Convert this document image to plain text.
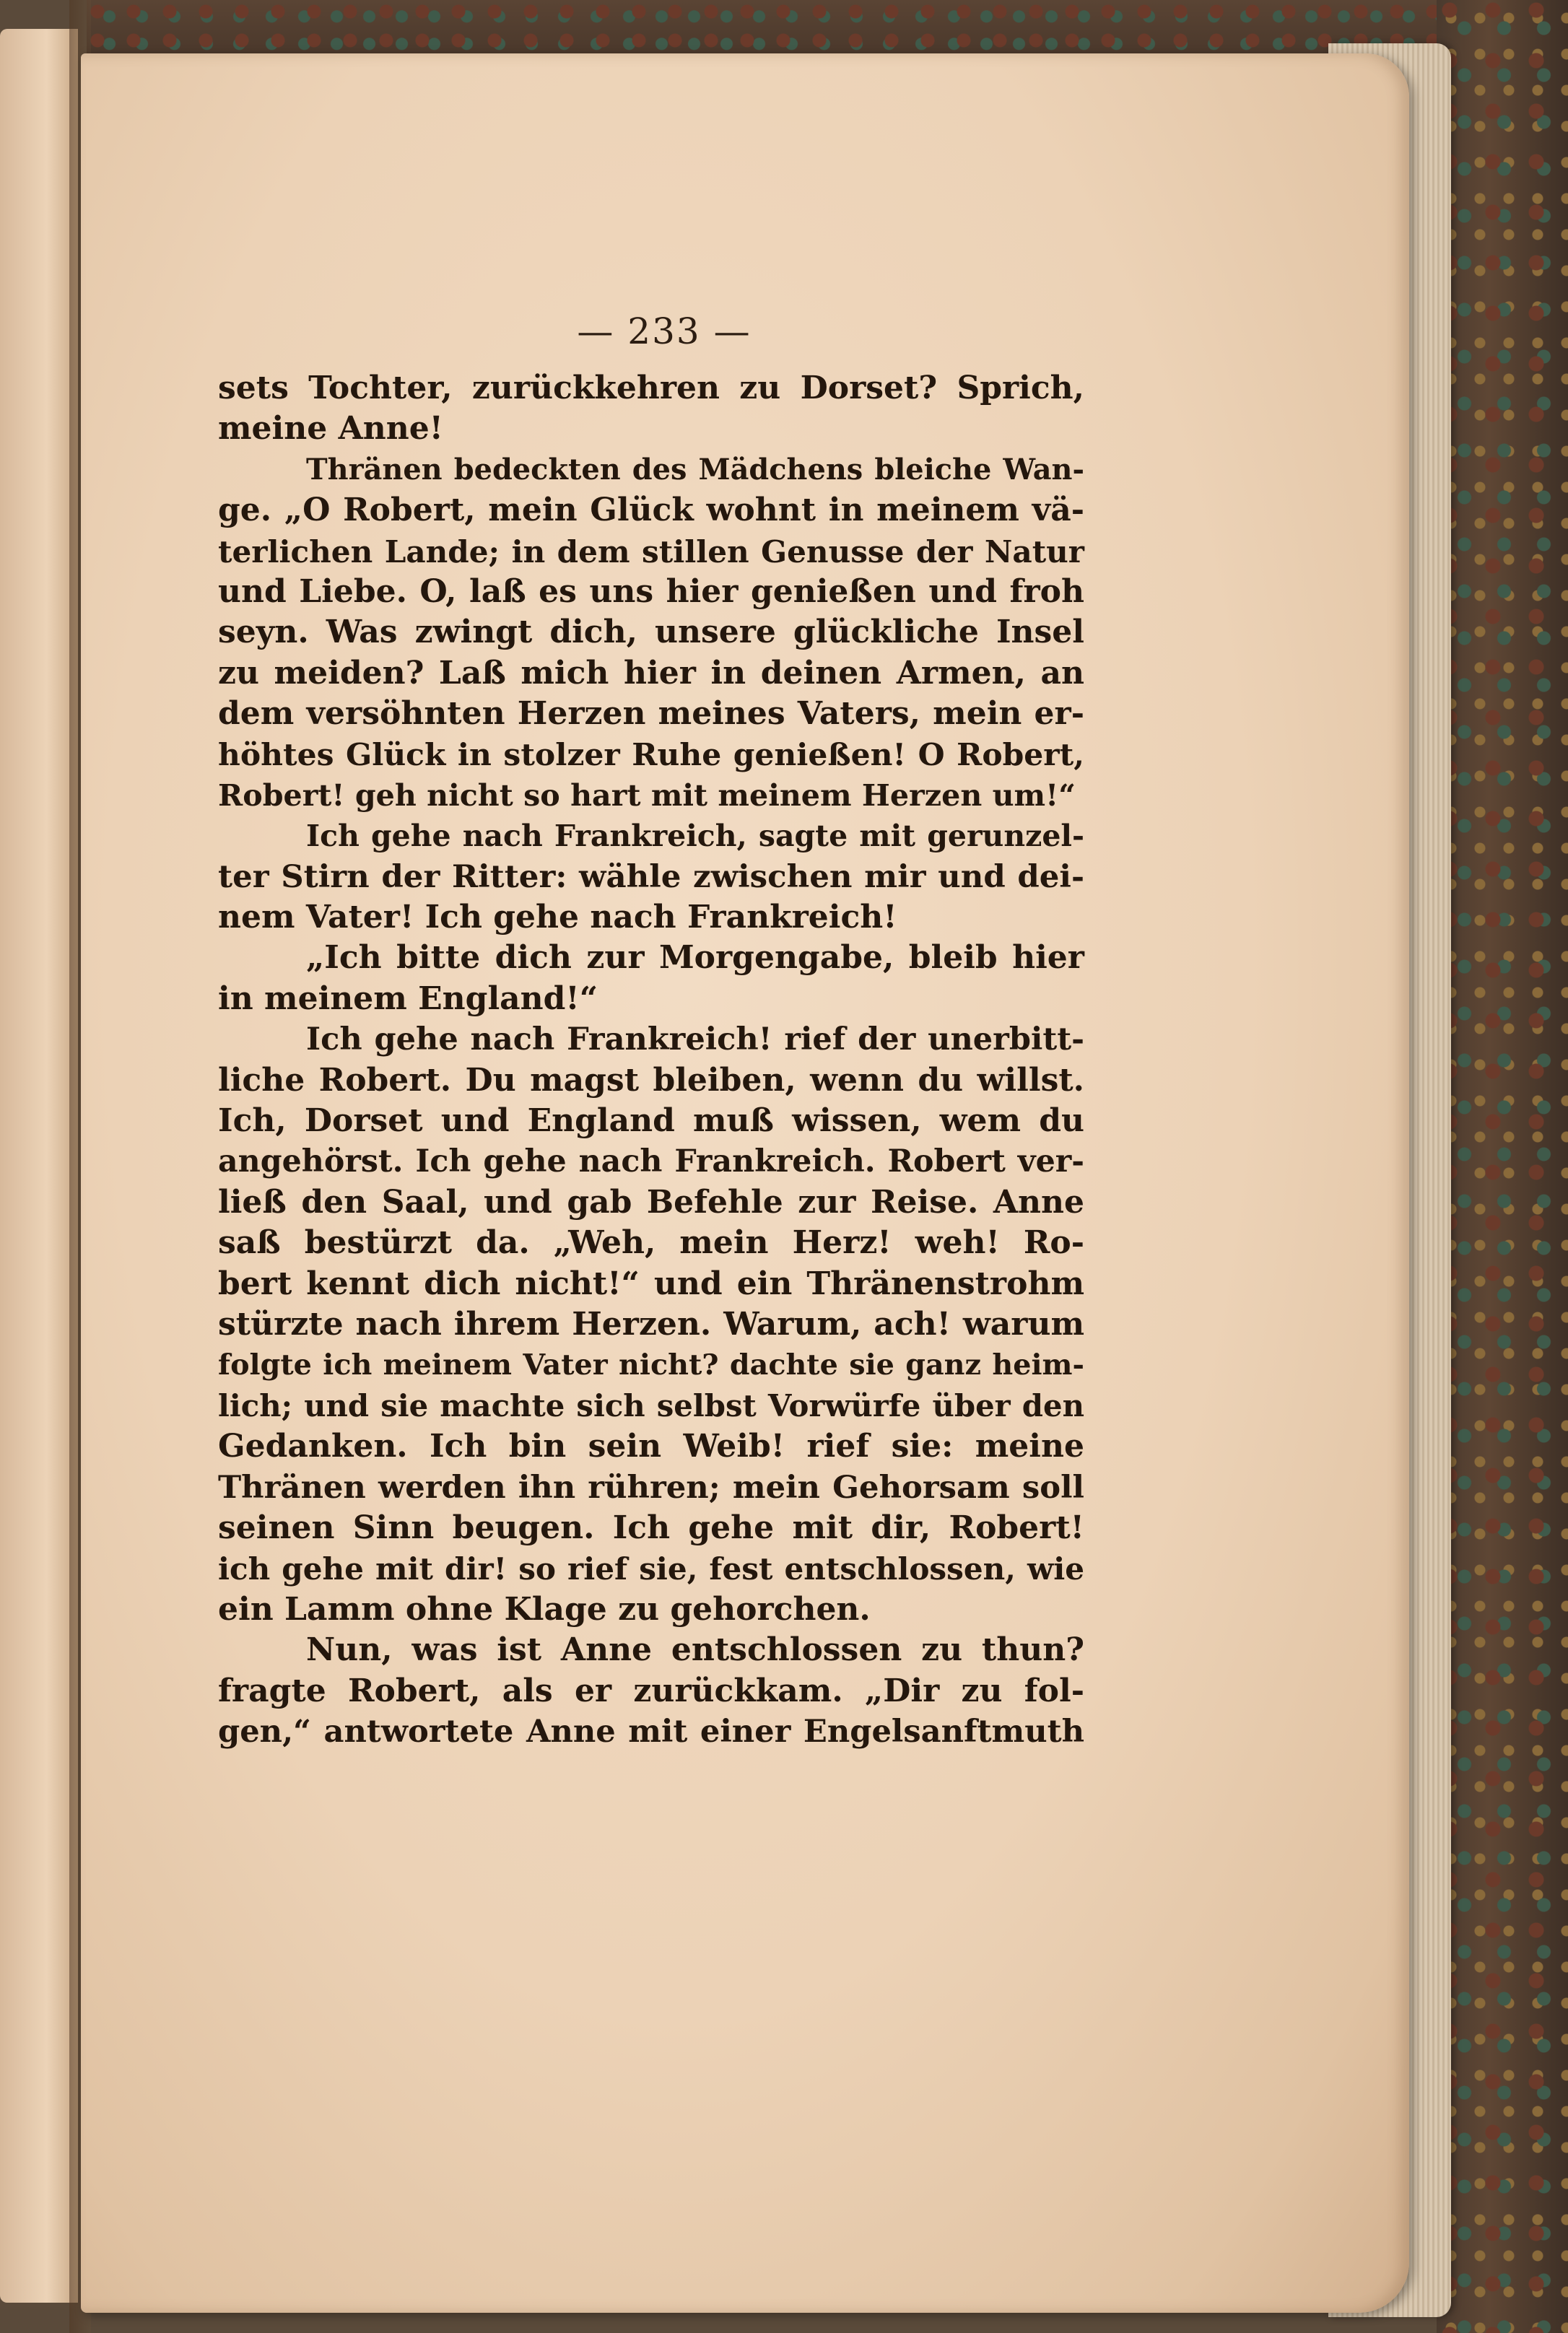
— 233 —
sets Tochter, zurückkehren zu Dorset? Sprich,
meine Anne!
Thränen bedeckten des Mädchens bleiche Wan-
ge. „O Robert, mein Glück wohnt in meinem vä-
terlichen Lande; in dem stillen Genusse der Natur
und Liebe. O, laß es uns hier genießen und froh
seyn. Was zwingt dich, unsere glückliche Insel
zu meiden? Laß mich hier in deinen Armen, an
dem versöhnten Herzen meines Vaters, mein er-
höhtes Glück in stolzer Ruhe genießen! O Robert,
Robert! geh nicht so hart mit meinem Herzen um!“
Ich gehe nach Frankreich, sagte mit gerunzel-
ter Stirn der Ritter: wähle zwischen mir und dei-
nem Vater! Ich gehe nach Frankreich!
„Ich bitte dich zur Morgengabe, bleib hier
in meinem England!“
Ich gehe nach Frankreich! rief der unerbitt-
liche Robert. Du magst bleiben, wenn du willst.
Ich, Dorset und England muß wissen, wem du
angehörst. Ich gehe nach Frankreich. Robert ver-
ließ den Saal, und gab Befehle zur Reise. Anne
saß bestürzt da. „Weh, mein Herz! weh! Ro-
bert kennt dich nicht!“ und ein Thränenstrohm
stürzte nach ihrem Herzen. Warum, ach! warum
folgte ich meinem Vater nicht? dachte sie ganz heim-
lich; und sie machte sich selbst Vorwürfe über den
Gedanken. Ich bin sein Weib! rief sie: meine
Thränen werden ihn rühren; mein Gehorsam soll
seinen Sinn beugen. Ich gehe mit dir, Robert!
ich gehe mit dir! so rief sie, fest entschlossen, wie
ein Lamm ohne Klage zu gehorchen.
Nun, was ist Anne entschlossen zu thun?
fragte Robert, als er zurückkam. „Dir zu fol-
gen,“ antwortete Anne mit einer Engelsanftmuth
